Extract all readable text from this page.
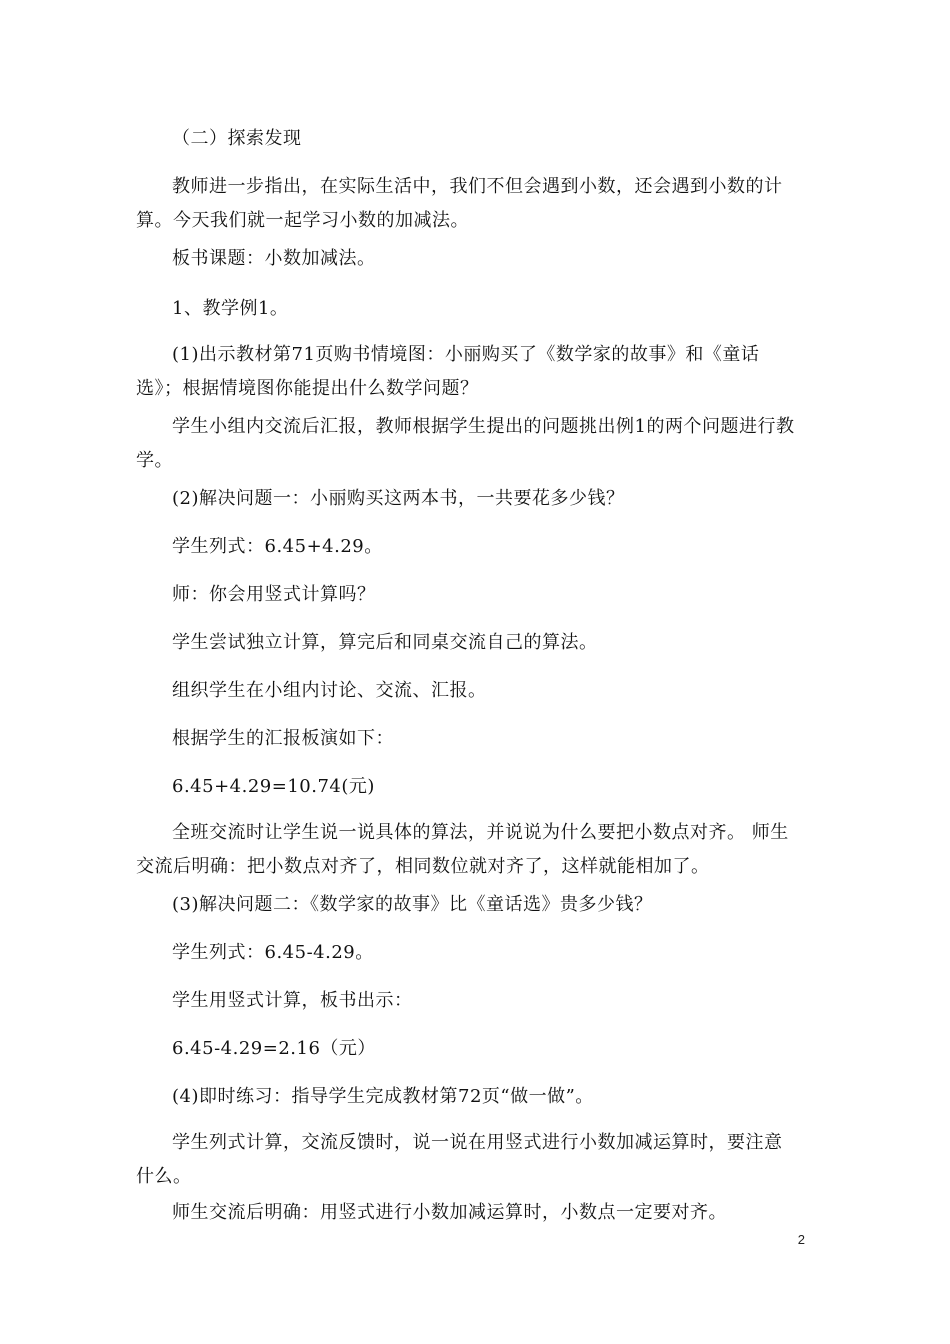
（二）探索发现
教师进一步指出，在实际生活中，我们不但会遇到小数，还会遇到小数的计算。今天我们就一起学习小数的加减法。
板书课题：小数加减法。
1、教学例1。
(1)出示教材第71页购书情境图：小丽购买了《数学家的故事》和《童话选》；根据情境图你能提出什么数学问题？
学生小组内交流后汇报，教师根据学生提出的问题挑出例1的两个问题进行教学。
(2)解决问题一：小丽购买这两本书，一共要花多少钱？
学生列式：6.45+4.29。
师：你会用竖式计算吗？
学生尝试独立计算，算完后和同桌交流自己的算法。
组织学生在小组内讨论、交流、汇报。
根据学生的汇报板演如下：
6.45+4.29=10.74(元)
全班交流时让学生说一说具体的算法，并说说为什么要把小数点对齐。 师生交流后明确：把小数点对齐了，相同数位就对齐了，这样就能相加了。
(3)解决问题二：《数学家的故事》比《童话选》贵多少钱？
学生列式：6.45-4.29。
学生用竖式计算，板书出示：
6.45-4.29=2.16（元）
(4)即时练习：指导学生完成教材第72页“做一做”。
学生列式计算，交流反馈时，说一说在用竖式进行小数加减运算时，要注意什么。
师生交流后明确：用竖式进行小数加减运算时，小数点一定要对齐。
2
